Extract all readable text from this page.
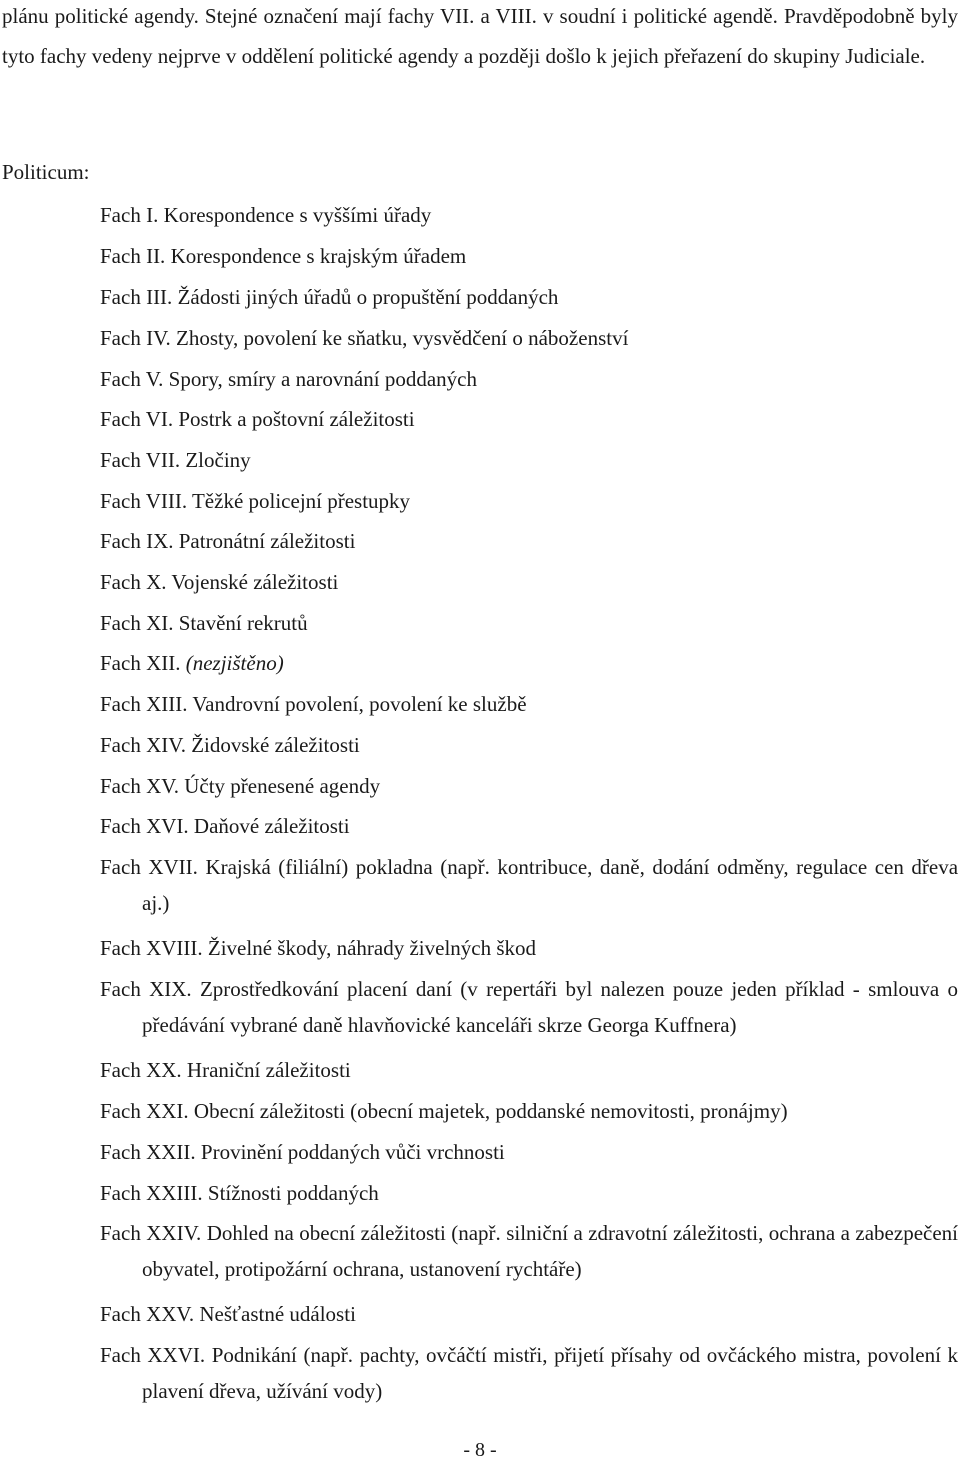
plánu politické agendy. Stejné označení mají fachy VII. a VIII. v soudní i politické agendě. Pravděpodobně byly tyto fachy vedeny nejprve v oddělení politické agendy a později došlo k jejich přeřazení do skupiny Judiciale.

Politicum:
Fach I. Korespondence s vyššími úřady
Fach II. Korespondence s krajským úřadem
Fach III. Žádosti jiných úřadů o propuštění poddaných
Fach IV. Zhosty, povolení ke sňatku, vysvědčení o náboženství
Fach V. Spory, smíry a narovnání poddaných
Fach VI. Postrk a poštovní záležitosti
Fach VII. Zločiny
Fach VIII. Těžké policejní přestupky
Fach IX. Patronátní záležitosti
Fach X. Vojenské záležitosti
Fach XI. Stavění rekrutů
Fach XII. (nezjištěno)
Fach XIII. Vandrovní povolení, povolení ke službě
Fach XIV. Židovské záležitosti
Fach XV. Účty přenesené agendy
Fach XVI. Daňové záležitosti
Fach XVII. Krajská (filiální) pokladna (např. kontribuce, daně, dodání odměny, regulace cen dřeva aj.)
Fach XVIII. Živelné škody, náhrady živelných škod
Fach XIX. Zprostředkování placení daní (v repertáři byl nalezen pouze jeden příklad - smlouva o předávání vybrané daně hlavňovické kanceláři skrze Georga Kuffnera)
Fach XX. Hraniční záležitosti
Fach XXI. Obecní záležitosti (obecní majetek, poddanské nemovitosti, pronájmy)
Fach XXII. Provinění poddaných vůči vrchnosti
Fach XXIII. Stížnosti poddaných
Fach XXIV. Dohled na obecní záležitosti (např. silniční a zdravotní záležitosti, ochrana a zabezpečení obyvatel, protipožární ochrana, ustanovení rychtáře)
Fach XXV. Nešťastné události
Fach XXVI. Podnikání (např. pachty, ovčáčtí mistři, přijetí přísahy od ovčáckého mistra, povolení k plavení dřeva, užívání vody)
- 8 -
